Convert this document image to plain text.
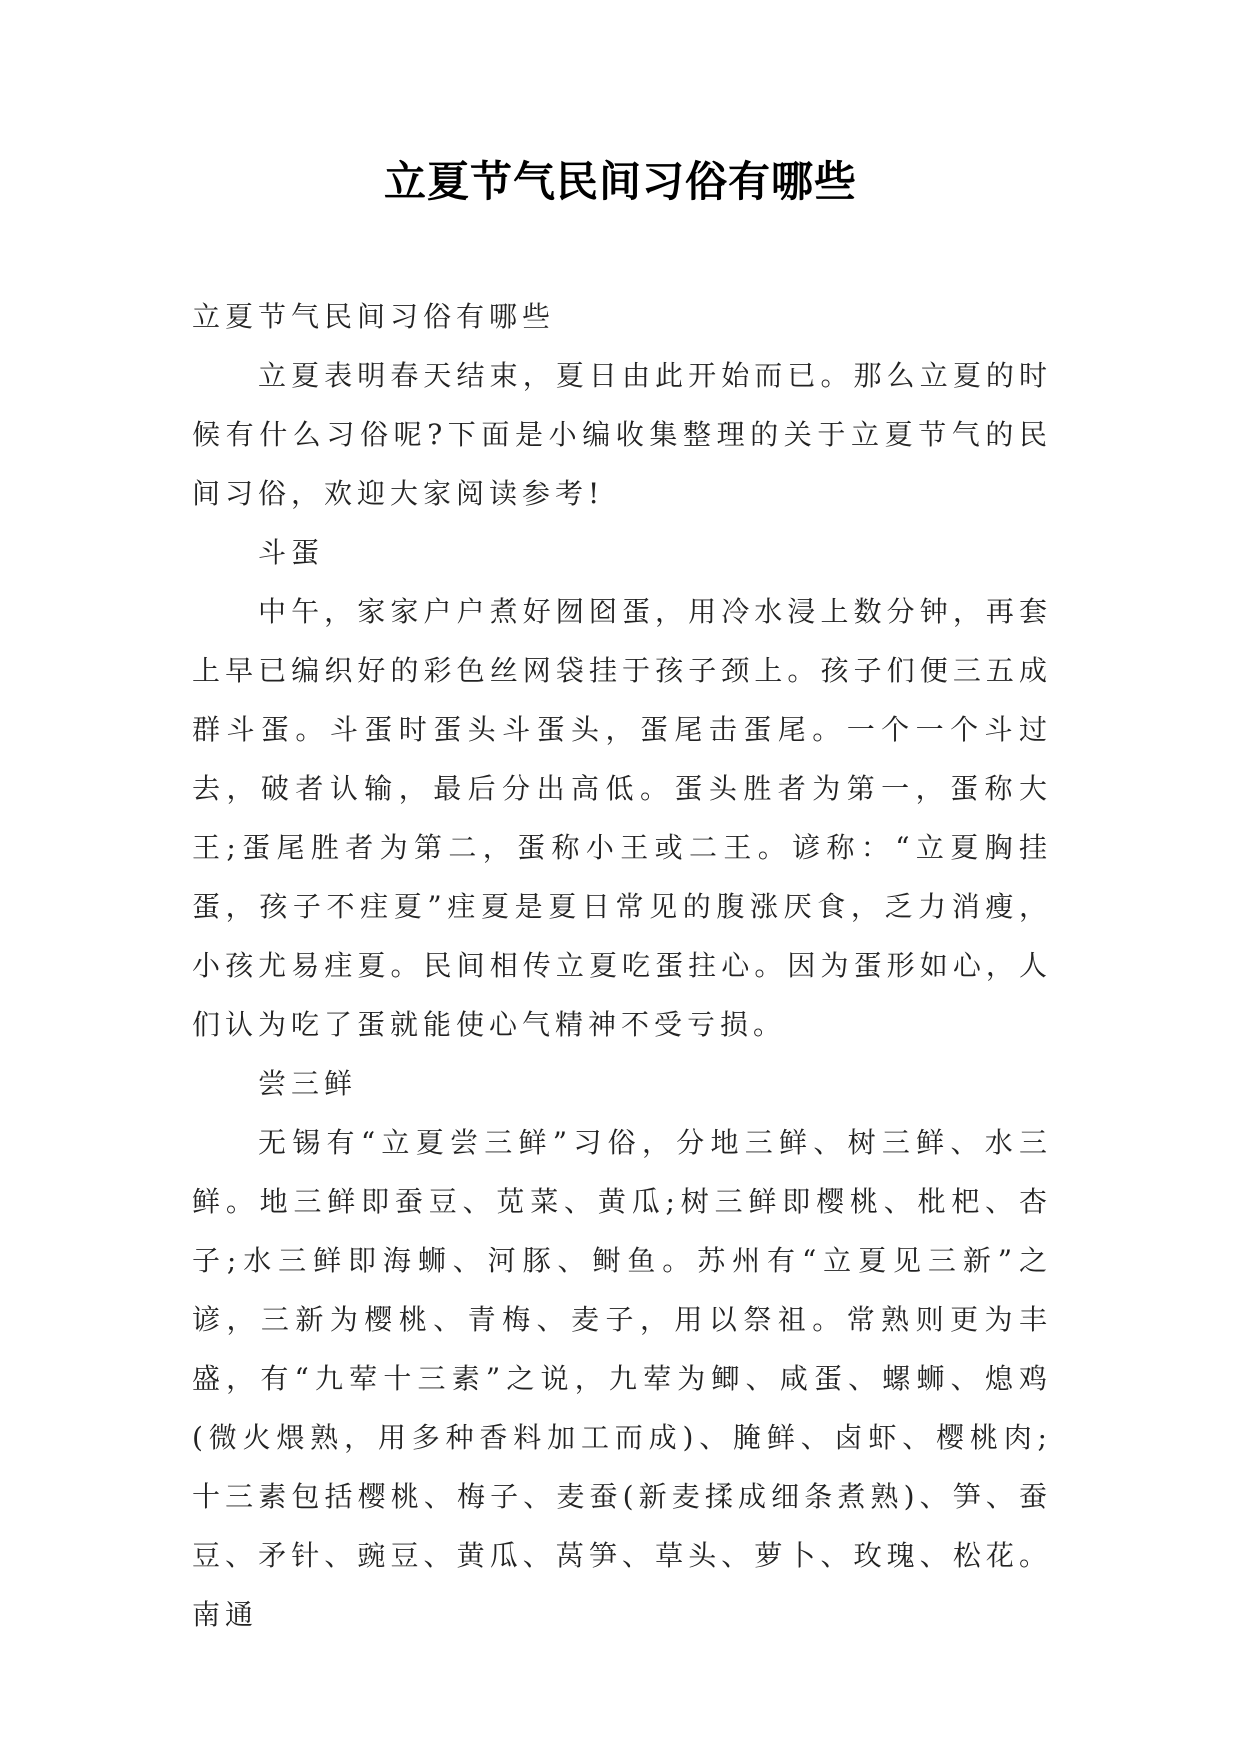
立夏节气民间习俗有哪些

立夏节气民间习俗有哪些

立夏表明春天结束，夏日由此开始而已。那么立夏的时候有什么习俗呢?下面是小编收集整理的关于立夏节气的民间习俗，欢迎大家阅读参考!

斗蛋

中午，家家户户煮好囫囵蛋，用冷水浸上数分钟，再套上早已编织好的彩色丝网袋挂于孩子颈上。孩子们便三五成群斗蛋。斗蛋时蛋头斗蛋头，蛋尾击蛋尾。一个一个斗过去，破者认输，最后分出高低。蛋头胜者为第一，蛋称大王;蛋尾胜者为第二，蛋称小王或二王。谚称：“立夏胸挂蛋，孩子不疰夏”疰夏是夏日常见的腹涨厌食，乏力消瘦，小孩尤易疰夏。民间相传立夏吃蛋拄心。因为蛋形如心，人们认为吃了蛋就能使心气精神不受亏损。

尝三鲜

无锡有“立夏尝三鲜”习俗，分地三鲜、树三鲜、水三鲜。地三鲜即蚕豆、苋菜、黄瓜;树三鲜即樱桃、枇杷、杏子;水三鲜即海蛳、河豚、鲥鱼。苏州有“立夏见三新”之谚，三新为樱桃、青梅、麦子，用以祭祖。常熟则更为丰盛，有“九荤十三素”之说，九荤为鲫、咸蛋、螺蛳、熄鸡(微火煨熟，用多种香料加工而成)、腌鲜、卤虾、樱桃肉;十三素包括樱桃、梅子、麦蚕(新麦揉成细条煮熟)、笋、蚕豆、矛针、豌豆、黄瓜、莴笋、草头、萝卜、玫瑰、松花。南通
